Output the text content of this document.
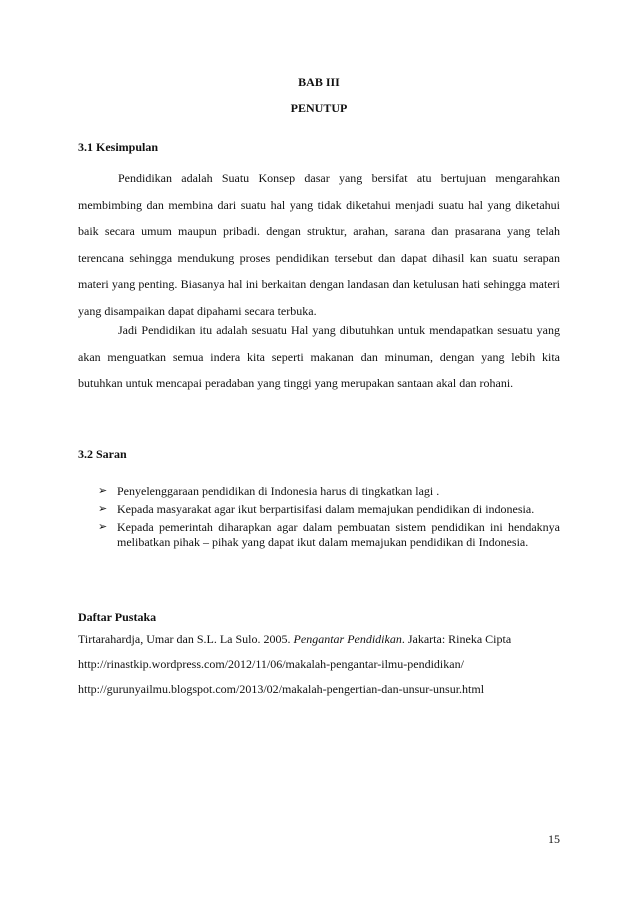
BAB III
PENUTUP
3.1 Kesimpulan
Pendidikan adalah Suatu Konsep dasar yang bersifat atu bertujuan mengarahkan membimbing dan membina dari suatu hal yang tidak diketahui menjadi suatu hal yang diketahui baik secara umum maupun pribadi. dengan struktur, arahan, sarana dan prasarana yang telah terencana sehingga mendukung proses pendidikan tersebut dan dapat dihasil kan suatu serapan materi yang penting. Biasanya hal ini berkaitan dengan landasan dan ketulusan hati sehingga materi yang disampaikan dapat dipahami secara terbuka.
Jadi Pendidikan itu adalah sesuatu Hal yang dibutuhkan untuk mendapatkan sesuatu yang akan menguatkan semua indera kita seperti makanan dan minuman, dengan yang lebih kita butuhkan untuk mencapai peradaban yang tinggi yang merupakan santaan akal dan rohani.
3.2 Saran
➢ Penyelenggaraan pendidikan di Indonesia harus di tingkatkan lagi .
➢ Kepada masyarakat agar ikut berpartisifasi dalam memajukan pendidikan di indonesia.
➢ Kepada pemerintah diharapkan agar dalam pembuatan sistem pendidikan ini hendaknya melibatkan pihak – pihak yang dapat ikut dalam memajukan pendidikan di Indonesia.
Daftar Pustaka
Tirtarahardja, Umar dan S.L. La Sulo. 2005. Pengantar Pendidikan. Jakarta: Rineka Cipta
http://rinastkip.wordpress.com/2012/11/06/makalah-pengantar-ilmu-pendidikan/
http://gurunyailmu.blogspot.com/2013/02/makalah-pengertian-dan-unsur-unsur.html
15
